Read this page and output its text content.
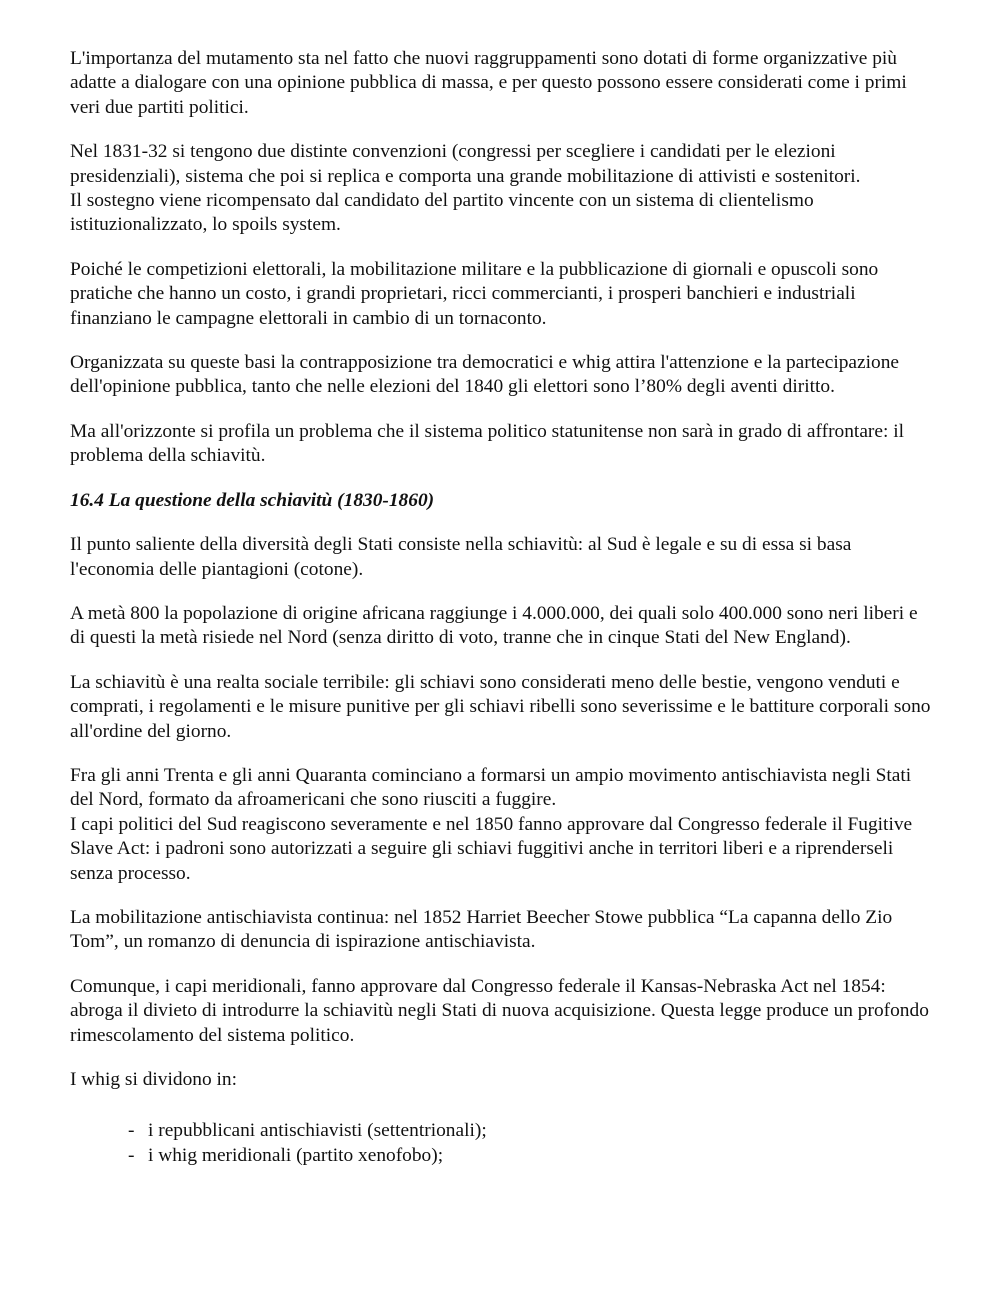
L'importanza del mutamento sta nel fatto che nuovi raggruppamenti sono dotati di forme organizzative più adatte a dialogare con una opinione pubblica di massa, e per questo possono essere considerati come i primi veri due partiti politici.

Nel 1831-32 si tengono due distinte convenzioni (congressi per scegliere i candidati per le elezioni presidenziali), sistema che poi si replica e comporta una grande mobilitazione di attivisti e sostenitori.
Il sostegno viene ricompensato dal candidato del partito vincente con un sistema di clientelismo istituzionalizzato, lo spoils system.

Poiché le competizioni elettorali, la mobilitazione militare e la pubblicazione di giornali e opuscoli sono pratiche che hanno un costo, i grandi proprietari, ricci commercianti, i prosperi banchieri e industriali finanziano le campagne elettorali in cambio di un tornaconto.

Organizzata su queste basi la contrapposizione tra democratici e whig attira l'attenzione e la partecipazione dell'opinione pubblica, tanto che nelle elezioni del 1840 gli elettori sono l’80% degli aventi diritto.

Ma all'orizzonte si profila un problema che il sistema politico statunitense non sarà in grado di affrontare: il problema della schiavitù.

16.4 La questione della schiavitù (1830-1860)

Il punto saliente della diversità degli Stati consiste nella schiavitù: al Sud è legale e su di essa si basa l'economia delle piantagioni (cotone).

A metà 800 la popolazione di origine africana raggiunge i 4.000.000, dei quali solo 400.000 sono neri liberi e di questi la metà risiede nel Nord (senza diritto di voto, tranne che in cinque Stati del New England).

La schiavitù è una realta sociale terribile: gli schiavi sono considerati meno delle bestie, vengono venduti e comprati, i regolamenti e le misure punitive per gli schiavi ribelli sono severissime e le battiture corporali sono all'ordine del giorno.

Fra gli anni Trenta e gli anni Quaranta cominciano a formarsi un ampio movimento antischiavista negli Stati del Nord, formato da afroamericani che sono riusciti a fuggire.
I capi politici del Sud reagiscono severamente e nel 1850 fanno approvare dal Congresso federale il Fugitive Slave Act: i padroni sono autorizzati a seguire gli schiavi fuggitivi anche in territori liberi e a riprenderseli senza processo.

La mobilitazione antischiavista continua: nel 1852 Harriet Beecher Stowe pubblica “La capanna dello Zio Tom”, un romanzo di denuncia di ispirazione antischiavista.

Comunque, i capi meridionali, fanno approvare dal Congresso federale il Kansas-Nebraska Act nel 1854: abroga il divieto di introdurre la schiavitù negli Stati di nuova acquisizione. Questa legge produce un profondo rimescolamento del sistema politico.

I whig si dividono in:

- i repubblicani antischiavisti (settentrionali);
- i whig meridionali (partito xenofobo);
